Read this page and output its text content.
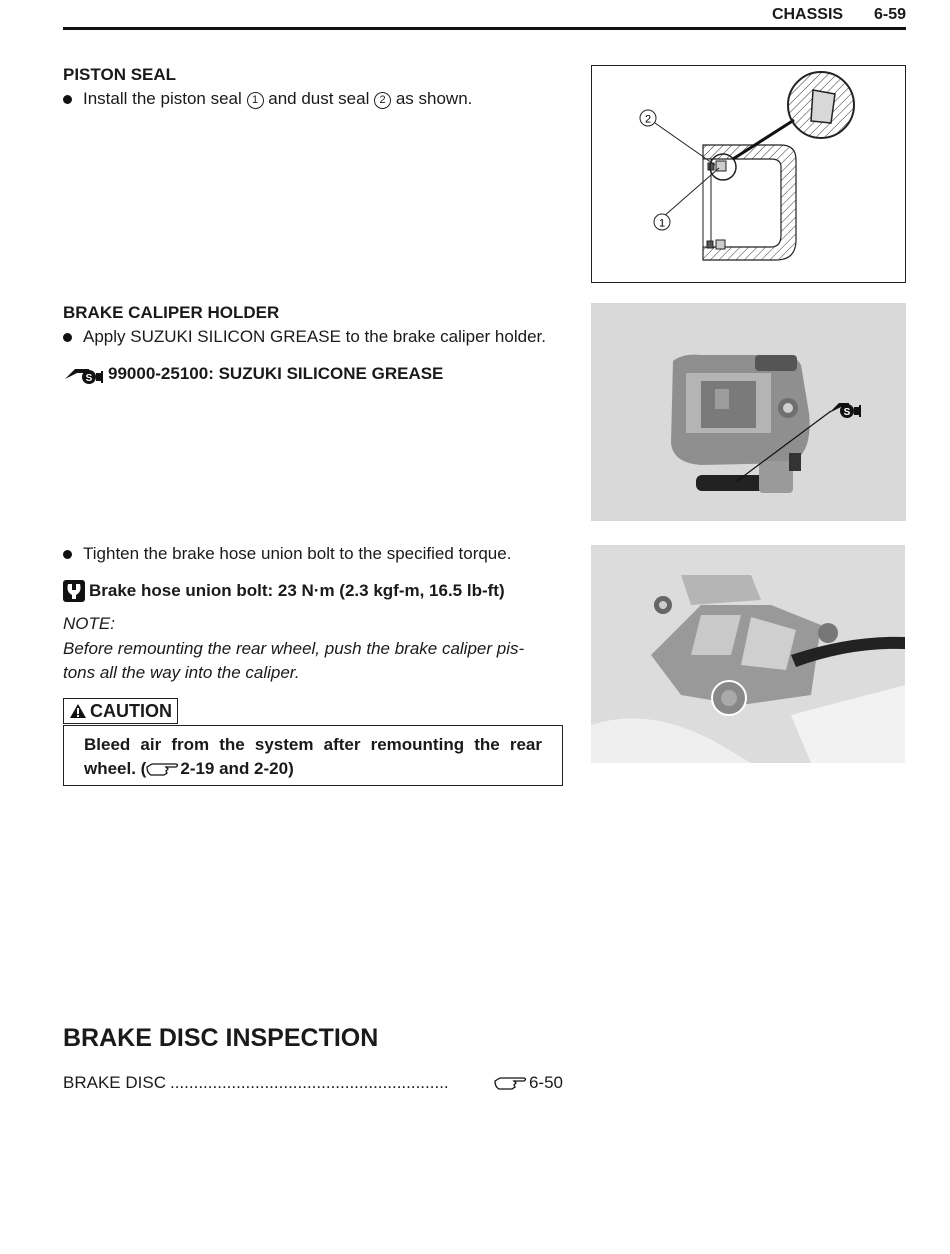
CHASSIS 6-59
PISTON SEAL
Install the piston seal 1 and dust seal 2 as shown.
2
1
BRAKE CALIPER HOLDER
Apply SUZUKI SILICON GREASE to the brake caliper holder.
S 99000-25100: SUZUKI SILICONE GREASE
S
Tighten the brake hose union bolt to the specified torque.
Brake hose union bolt: 23 N·m (2.3 kgf-m, 16.5 lb-ft)
NOTE:
Before remounting the rear wheel, push the brake caliper pis-
tons all the way into the caliper.
CAUTION
Bleed air from the system after remounting the rear
wheel. ( 2-19 and 2-20)
BRAKE DISC INSPECTION
BRAKE DISC ...........................................................	6-50
